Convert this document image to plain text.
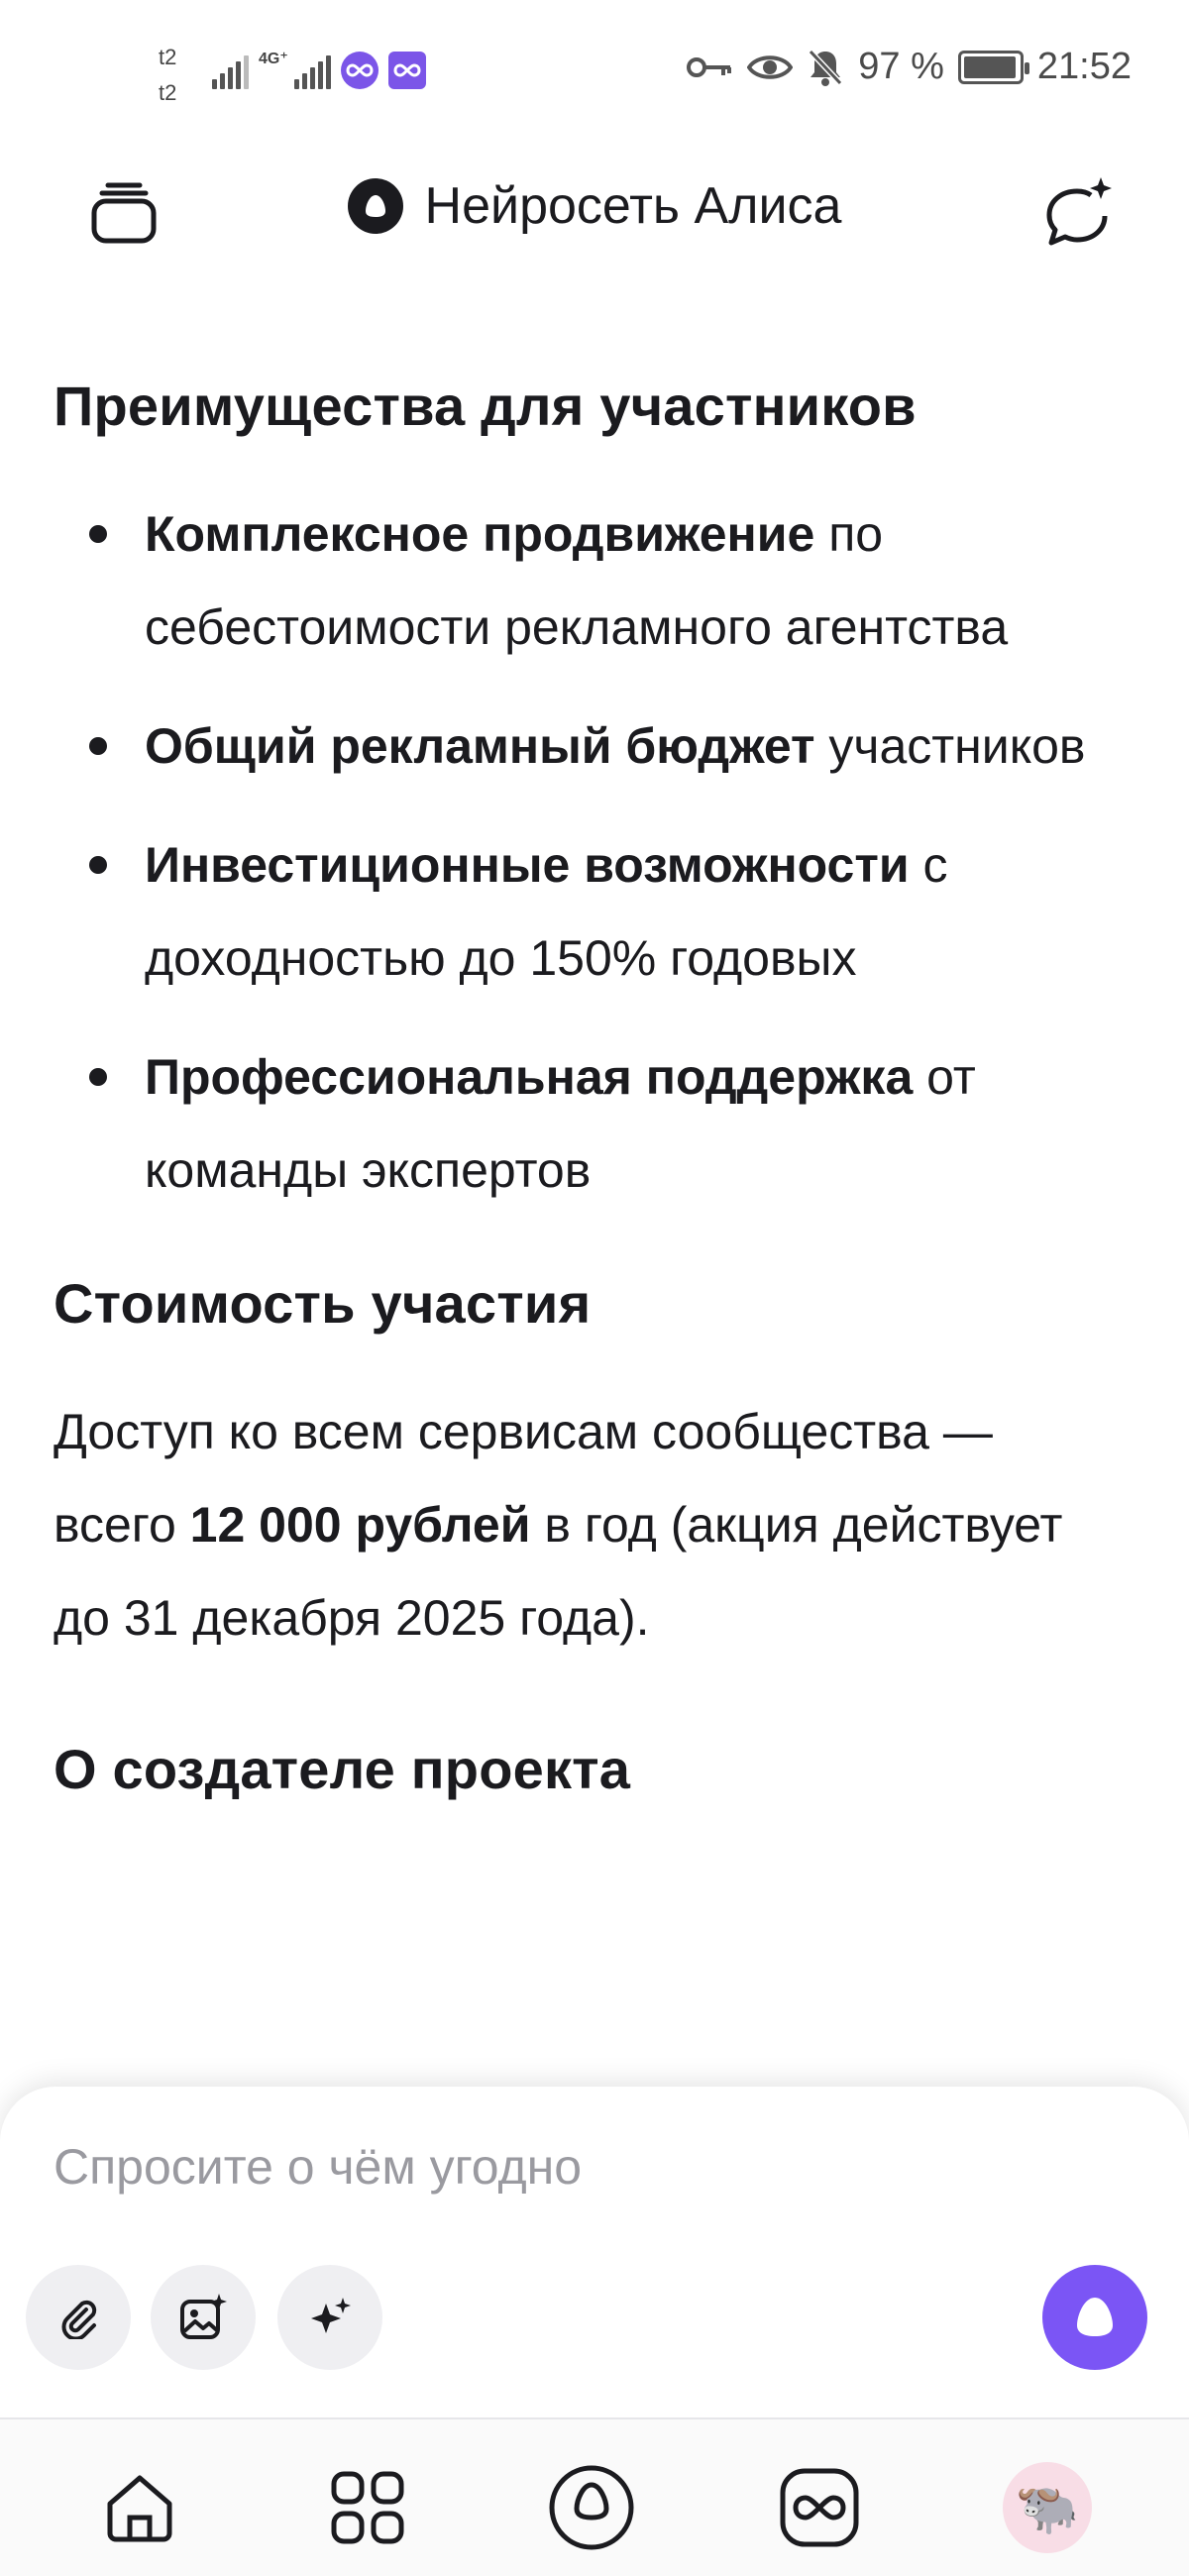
t2
t2
4G⁺	97 % 21:52
Нейросеть Алиса
Преимущества для участников
Комплексное продвижение по себестоимости рекламного агентства
Общий рекламный бюджет участников
Инвестиционные возможности с доходностью до 150% годовых
Профессиональная поддержка от команды экспертов
Стоимость участия

Доступ ко всем сервисам сообщества — всего 12 000 рублей в год (акция действует до 31 декабря 2025 года).

О создателе проекта
Спросите о чём угодно
🐃
